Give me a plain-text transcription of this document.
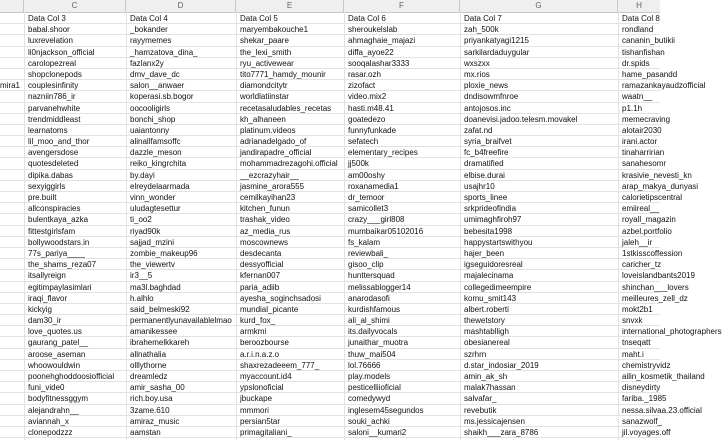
C	D	E	F	G	H
Data Col 3	Data Col 4	Data Col 5	Data Col 6	Data Col 7	Data Col 8
babal.shoor	_bokander	maryembakouche1	sheroukelslab	zah_500k	rondland
luxrevelation	rayymemes	shekar_paare	ahmaghaie_majazi	priyankatyagi1215	cananin_butikii
li0njackson_official	_hamzatova_dina_	the_lexi_smith	diffa_ayoe22	sarkilardaduygular	tishanfishan
carolopezreal	fazlanx2y	ryu_activewear	sooqalashar3333	wxszxx	dr.spids
shopclonepods	dmv_dave_dc	tito7771_hamdy_mounir	rasar.ozh	mx.rios	hame_pasandd
mira1 couplesinfinity	salon__anwaer	diamondcitytr	zizofact	ploxie_news	ramazankayaudzofficial
nazniin786_ir	koperasi.sb.bogor	worldlatiinstar	video.mix2	dndisowmfnroe	waatn__
parvanehwhite	oocooligirls	recetasaludables_recetas	hasti.m48.41	antojosos.inc	p1.1h
trendmiddleast	bonchi_shop	kh_alhaneen	goatedezo	doanevisi.jadoo.telesm.movakel	memecraving
learnatoms	uaiantonny	platinum.videos	funnyfunkade	zafat.nd	alotair2030
lil_moo_and_thor	alinallfamsoffc	adrianadelgado_of	sefatech	syria_braifvet	irani.actor
avengersdose	dazzle_meson	jandirapadre_official	elementary_recipes	fc_b4freefire	tinaharririan
quotesdeleted	reiko_kingrchita	mohammadrezagohi.official	jj500k	dramatified	sanahesomr
dipika.dabas	by.dayi	__ezcrazyhair__	am00oshy	elbise.durai	krasivie_nevesti_kn
sexyiggirls	elreydelaarmada	jasmine_arora555	roxanamedia1	usajhr10	arap_makya_dunyasi
pre.built	vinn_wonder	cemilkayihan23	dr_temoor	sports_linee	calorietipscentral
allconspiracies	uludagtesettur	kitchen_funun	samicollet3	srkprideofindia	emiireal__
bulentkaya_azka	ti_oo2	trashak_video	crazy___girl808	umimaghfiroh97	royall_magazin
fittestgirlsfam	riyad90k	az_media_rus	mumbaikar05102016	bebesita1998	azbel.portfolio
bollywoodstars.in	sajjad_mzini	moscownews	fs_kalam	happystartswithyou	jaleh__ir
77s_pariya____	zombie_makeup96	desdecanta	reviewbali_	hajer_been	1stkisscoffession
the_shams_reza07	the_viewertv	dessyofficial	gisoo_clip	igseguidoresreal	caricher_tz
itsallyreign	ir3__5	kfernan007	hunttersquad	majalecinama	loveislandbants2019
egitimpaylasimlari	ma3l.baghdad	paria_adiib	melissablogger14	collegedimeempire	shinchan___lovers
iraqi_flavor	h.alhlo	ayesha_soginchsadosi	anarodasofi	komu_smit143	meilleures_zell_dz
kickyig	said_belmeski92	mundial_picante	kurdishfamous	albert.roberti	mokt2b1
dam30_ir	permanentlyunavailablelmao	kurd_fox_	ali_al_shimi	thewetstory	snvxk
love_quotes.us	amanikessee	armkmi	its.dailyvocals	mashtablligh	international_photographers
gaurang_patel__	ibrahemelkkareh	beroozbourse	junaithar_muotra	obesianereal	tnseqatt
aroose_aseman	allnathalia	a.r.i.n.a.z.o	thuw_mai504	szrhrn	maht.i
whoowouldwin	olllythorne	shaxrezadeeem_777_	lol.76666	d.star_indosiar_2019	chemistryvidz
poonehghoddoosiofficial	dreamledz	myaccount.id4	play.models	amin_ak_sh	ailin_kosmetik_thailand
funi_vide0	amir_sasha_00	ypslonoficial	pesticelliioficial	malak7hassan	disneydirty
bodyfitnessggym	rich.boy.usa	jbuckape	comedywyd	salvafar_	fariba._1985
alejandrahn__	3zame.610	mmmori	inglesem45segundos	revebutik	nessa.silvaa.23.official
aviannah_x	amiraz_music	persian5tar	souki_achki	ms.jessicajensen	sanazwolf_
clonepodzzz	aamstan	primagitaliani_	saloni__kumari2	shaikh___zara_8786	jil.voyages.off
